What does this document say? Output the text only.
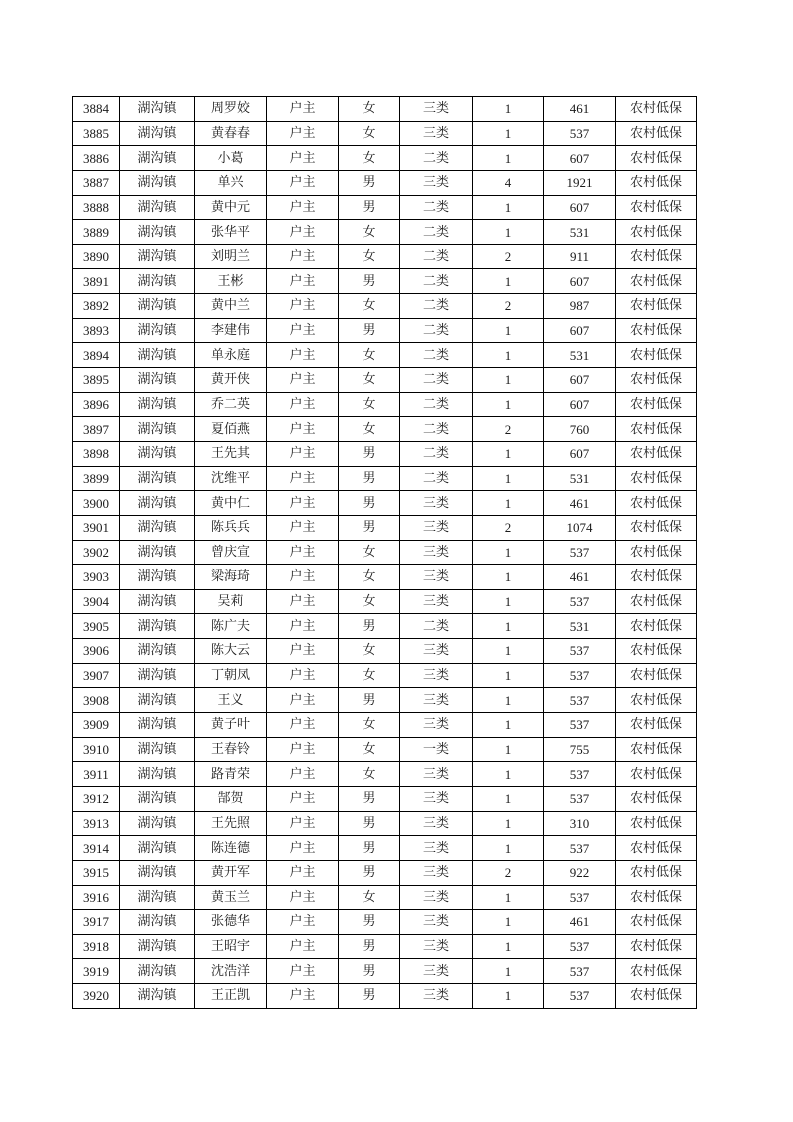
3884	湖沟镇	周罗姣	户主	女	三类	1	461	农村低保
3885	湖沟镇	黄春春	户主	女	三类	1	537	农村低保
3886	湖沟镇	小葛	户主	女	二类	1	607	农村低保
3887	湖沟镇	单兴	户主	男	三类	4	1921	农村低保
3888	湖沟镇	黄中元	户主	男	二类	1	607	农村低保
3889	湖沟镇	张华平	户主	女	二类	1	531	农村低保
3890	湖沟镇	刘明兰	户主	女	二类	2	911	农村低保
3891	湖沟镇	王彬	户主	男	二类	1	607	农村低保
3892	湖沟镇	黄中兰	户主	女	二类	2	987	农村低保
3893	湖沟镇	李建伟	户主	男	二类	1	607	农村低保
3894	湖沟镇	单永庭	户主	女	二类	1	531	农村低保
3895	湖沟镇	黄开侠	户主	女	二类	1	607	农村低保
3896	湖沟镇	乔二英	户主	女	二类	1	607	农村低保
3897	湖沟镇	夏佰燕	户主	女	二类	2	760	农村低保
3898	湖沟镇	王先其	户主	男	二类	1	607	农村低保
3899	湖沟镇	沈维平	户主	男	二类	1	531	农村低保
3900	湖沟镇	黄中仁	户主	男	三类	1	461	农村低保
3901	湖沟镇	陈兵兵	户主	男	三类	2	1074	农村低保
3902	湖沟镇	曾庆宣	户主	女	三类	1	537	农村低保
3903	湖沟镇	梁海琦	户主	女	三类	1	461	农村低保
3904	湖沟镇	吴莉	户主	女	三类	1	537	农村低保
3905	湖沟镇	陈广夫	户主	男	二类	1	531	农村低保
3906	湖沟镇	陈大云	户主	女	三类	1	537	农村低保
3907	湖沟镇	丁朝凤	户主	女	三类	1	537	农村低保
3908	湖沟镇	王义	户主	男	三类	1	537	农村低保
3909	湖沟镇	黄子叶	户主	女	三类	1	537	农村低保
3910	湖沟镇	王春铃	户主	女	一类	1	755	农村低保
3911	湖沟镇	路青荣	户主	女	三类	1	537	农村低保
3912	湖沟镇	郜贺	户主	男	三类	1	537	农村低保
3913	湖沟镇	王先照	户主	男	三类	1	310	农村低保
3914	湖沟镇	陈连德	户主	男	三类	1	537	农村低保
3915	湖沟镇	黄开军	户主	男	三类	2	922	农村低保
3916	湖沟镇	黄玉兰	户主	女	三类	1	537	农村低保
3917	湖沟镇	张德华	户主	男	三类	1	461	农村低保
3918	湖沟镇	王昭宇	户主	男	三类	1	537	农村低保
3919	湖沟镇	沈浩洋	户主	男	三类	1	537	农村低保
3920	湖沟镇	王正凯	户主	男	三类	1	537	农村低保
